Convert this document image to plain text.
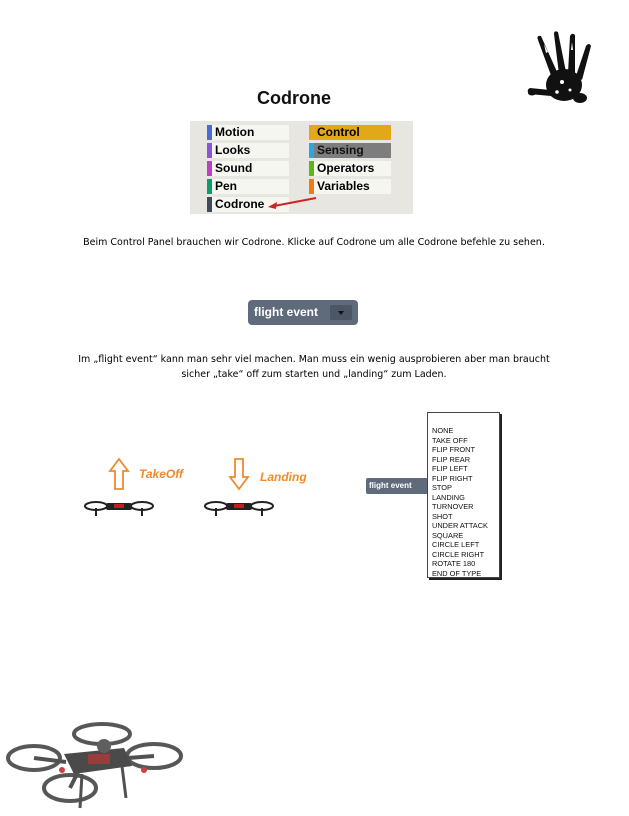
Codrone
Motion
Looks
Sound
Pen
Codrone
Control
Sensing
Operators
Variables
Beim Control Panel brauchen wir Codrone. Klicke auf Codrone um alle Codrone befehle zu sehen.
flight event
Im „flight event“ kann man sehr viel machen. Man muss ein wenig ausprobieren aber man braucht
sicher „take“ off zum starten und „landing“ zum Laden.
TakeOff	Landing
flight event
NONE
TAKE OFF
FLIP FRONT
FLIP REAR
FLIP LEFT
FLIP RIGHT
STOP
LANDING
TURNOVER
SHOT
UNDER ATTACK
SQUARE
CIRCLE LEFT
CIRCLE RIGHT
ROTATE 180
END OF TYPE
